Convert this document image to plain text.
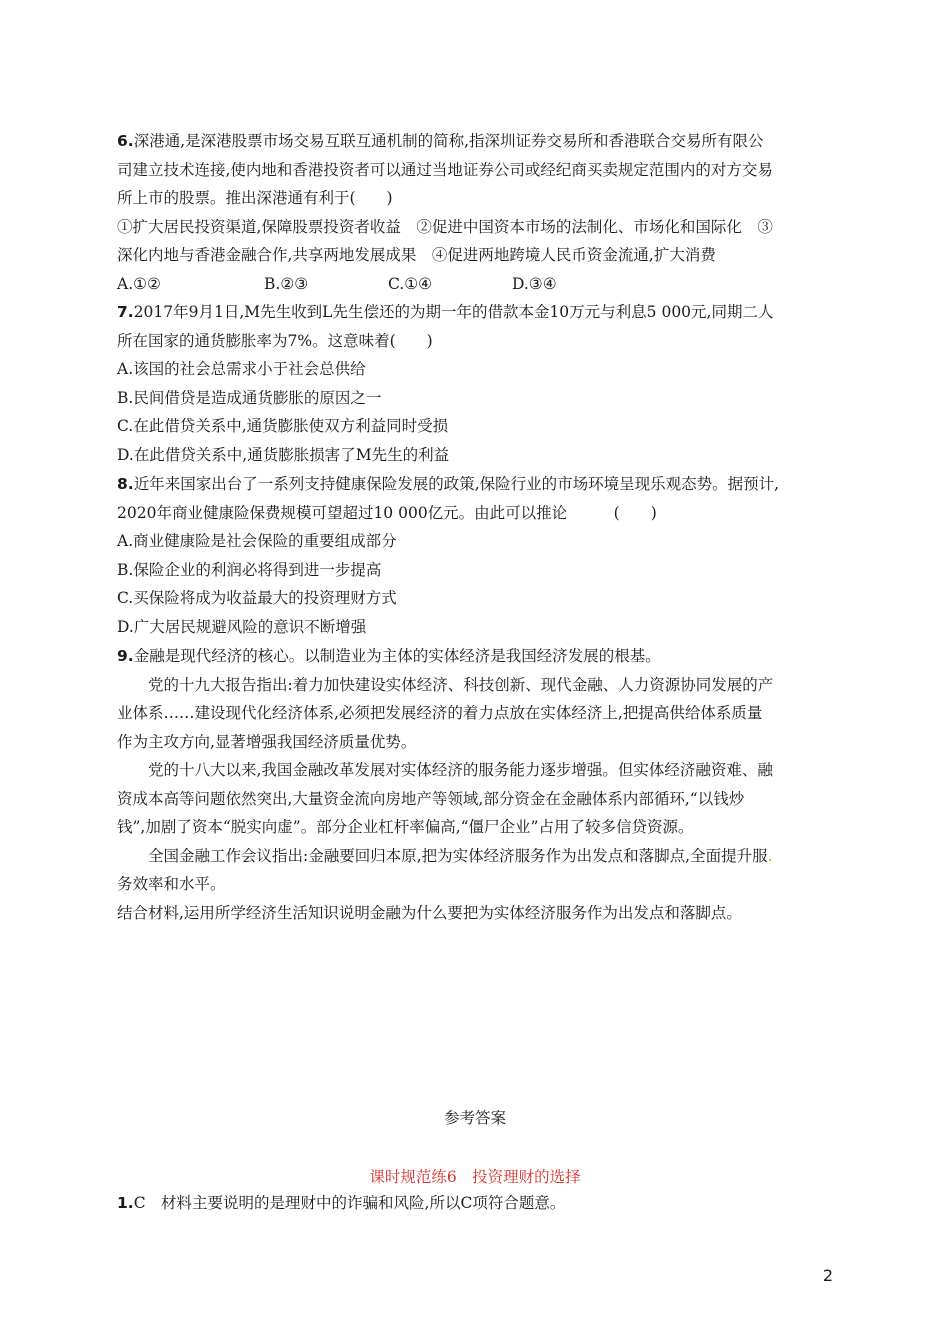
6.深港通,是深港股票市场交易互联互通机制的简称,指深圳证券交易所和香港联合交易所有限公
司建立技术连接,使内地和香港投资者可以通过当地证券公司或经纪商买卖规定范围内的对方交易
所上市的股票。推出深港通有利于(　　)
①扩大居民投资渠道,保障股票投资者收益　②促进中国资本市场的法制化、市场化和国际化　③
深化内地与香港金融合作,共享两地发展成果　④促进两地跨境人民币资金流通,扩大消费
A.①②	B.②③	C.①④	D.③④
7.2017年9月1日,M先生收到L先生偿还的为期一年的借款本金10万元与利息5 000元,同期二人
所在国家的通货膨胀率为7%。这意味着(　　)
A.该国的社会总需求小于社会总供给
B.民间借贷是造成通货膨胀的原因之一
C.在此借贷关系中,通货膨胀使双方利益同时受损
D.在此借贷关系中,通货膨胀损害了M先生的利益
8.近年来国家出台了一系列支持健康保险发展的政策,保险行业的市场环境呈现乐观态势。据预计,
2020年商业健康险保费规模可望超过10 000亿元。由此可以推论　　　(　　)
A.商业健康险是社会保险的重要组成部分
B.保险企业的利润必将得到进一步提高
C.买保险将成为收益最大的投资理财方式
D.广大居民规避风险的意识不断增强
9.金融是现代经济的核心。以制造业为主体的实体经济是我国经济发展的根基。
党的十九大报告指出:着力加快建设实体经济、科技创新、现代金融、人力资源协同发展的产
业体系……建设现代化经济体系,必须把发展经济的着力点放在实体经济上,把提高供给体系质量
作为主攻方向,显著增强我国经济质量优势。
党的十八大以来,我国金融改革发展对实体经济的服务能力逐步增强。但实体经济融资难、融
资成本高等问题依然突出,大量资金流向房地产等领域,部分资金在金融体系内部循环,“以钱炒
钱”,加剧了资本“脱实向虚”。部分企业杠杆率偏高,“僵尸企业”占用了较多信贷资源。
全国金融工作会议指出:金融要回归本原,把为实体经济服务作为出发点和落脚点,全面提升服.
务效率和水平。
结合材料,运用所学经济生活知识说明金融为什么要把为实体经济服务作为出发点和落脚点。
参考答案
课时规范练6　投资理财的选择
1.C　材料主要说明的是理财中的诈骗和风险,所以C项符合题意。
2
